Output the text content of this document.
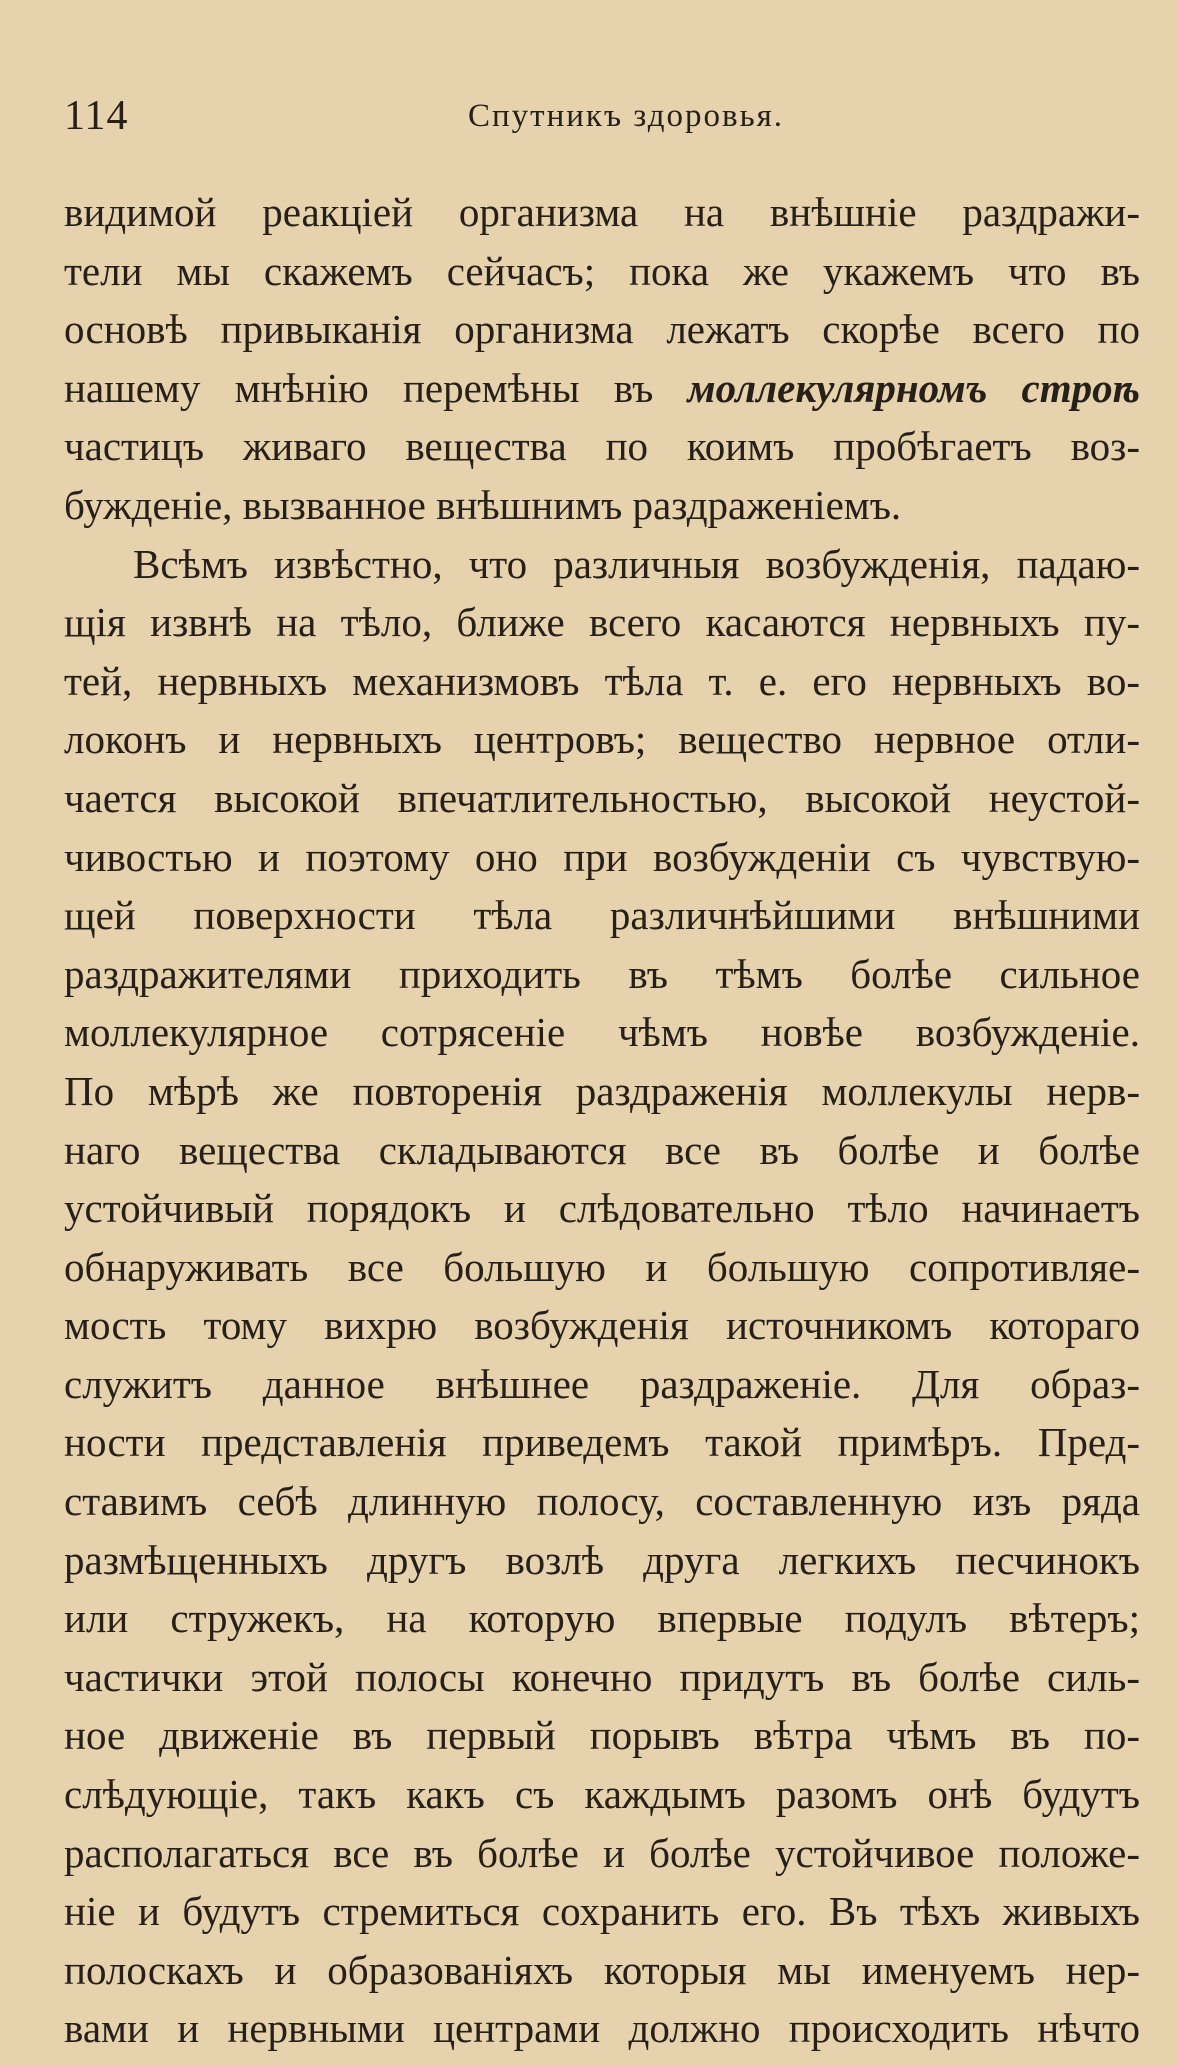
114	Спутникъ здоровья.
видимой реакціей организма на внѣшніе раздражи-
тели мы скажемъ сейчасъ; пока же укажемъ что въ
основѣ привыканія организма лежатъ скорѣе всего по
нашему мнѣнію перемѣны въ моллекулярномъ строѣ
частицъ живаго вещества по коимъ пробѣгаетъ воз-
бужденіе, вызванное внѣшнимъ раздраженіемъ.
Всѣмъ извѣстно, что различныя возбужденія, падаю-
щія извнѣ на тѣло, ближе всего касаются нервныхъ пу-
тей, нервныхъ механизмовъ тѣла т. е. его нервныхъ во-
локонъ и нервныхъ центровъ; вещество нервное отли-
чается высокой впечатлительностью, высокой неустой-
чивостью и поэтому оно при возбужденіи съ чувствую-
щей поверхности тѣла различнѣйшими внѣшними
раздражителями приходить въ тѣмъ болѣе сильное
моллекулярное сотрясеніе чѣмъ новѣе возбужденіе.
По мѣрѣ же повторенія раздраженія моллекулы нерв-
наго вещества складываются все въ болѣе и болѣе
устойчивый порядокъ и слѣдовательно тѣло начинаетъ
обнаруживать все большую и большую сопротивляе-
мость тому вихрю возбужденія источникомъ котораго
служитъ данное внѣшнее раздраженіе. Для образ-
ности представленія приведемъ такой примѣръ. Пред-
ставимъ себѣ длинную полосу, составленную изъ ряда
размѣщенныхъ другъ возлѣ друга легкихъ песчинокъ
или стружекъ, на которую впервые подулъ вѣтеръ;
частички этой полосы конечно придутъ въ болѣе силь-
ное движеніе въ первый порывъ вѣтра чѣмъ въ по-
слѣдующіе, такъ какъ съ каждымъ разомъ онѣ будутъ
располагаться все въ болѣе и болѣе устойчивое положе-
ніе и будутъ стремиться сохранить его. Въ тѣхъ живыхъ
полоскахъ и образованіяхъ которыя мы именуемъ нер-
вами и нервными центрами должно происходить нѣчто
